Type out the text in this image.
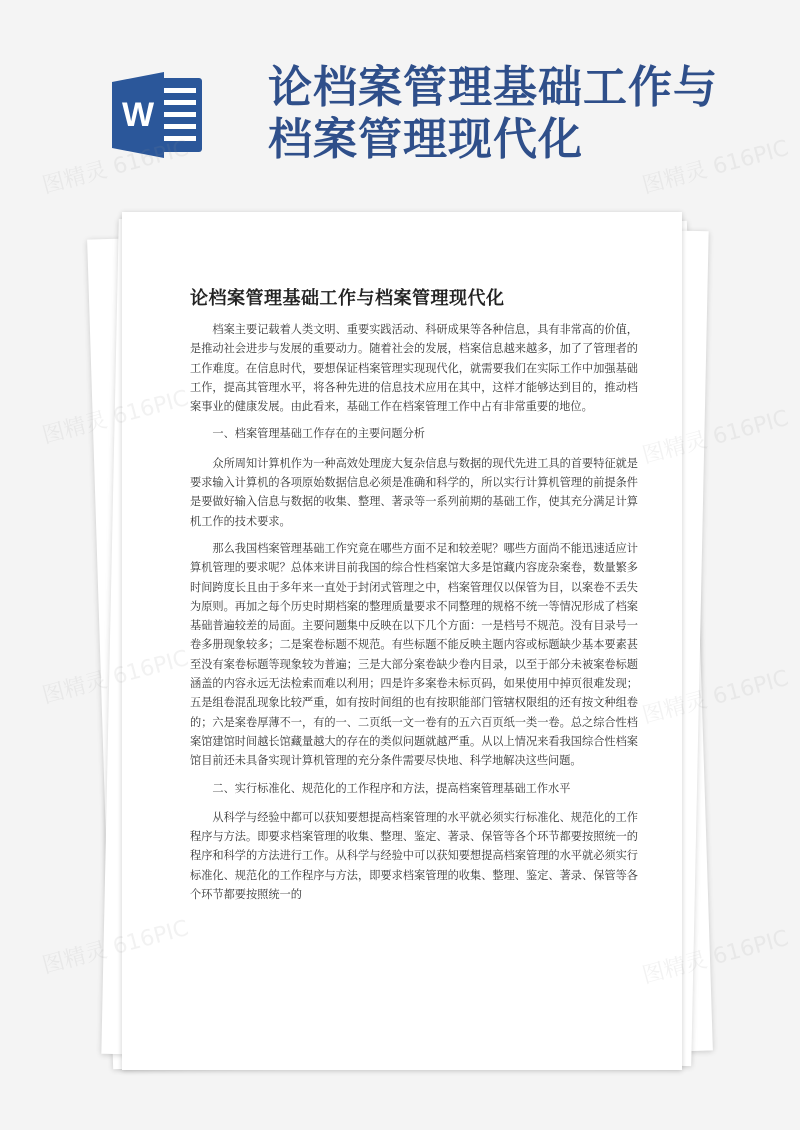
W
论档案管理基础工作与
档案管理现代化
论档案管理基础工作与档案管理现代化

档案主要记载着人类文明、重要实践活动、科研成果等各种信息，具有非常高的价值，是推动社会进步与发展的重要动力。随着社会的发展，档案信息越来越多，加了了管理者的工作难度。在信息时代，要想保证档案管理实现现代化，就需要我们在实际工作中加强基础工作，提高其管理水平，将各种先进的信息技术应用在其中，这样才能够达到目的，推动档案事业的健康发展。由此看来，基础工作在档案管理工作中占有非常重要的地位。

一、档案管理基础工作存在的主要问题分析

众所周知计算机作为一种高效处理庞大复杂信息与数据的现代先进工具的首要特征就是要求输入计算机的各项原始数据信息必须是准确和科学的，所以实行计算机管理的前提条件是要做好输入信息与数据的收集、整理、著录等一系列前期的基础工作，使其充分满足计算机工作的技术要求。

那么我国档案管理基础工作究竟在哪些方面不足和较差呢？哪些方面尚不能迅速适应计算机管理的要求呢？总体来讲目前我国的综合性档案馆大多是馆藏内容庞杂案卷，数量繁多时间跨度长且由于多年来一直处于封闭式管理之中，档案管理仅以保管为目，以案卷不丢失为原则。再加之每个历史时期档案的整理质量要求不同整理的规格不统一等情况形成了档案基础普遍较差的局面。主要问题集中反映在以下几个方面：一是档号不规范。没有目录号一卷多册现象较多；二是案卷标题不规范。有些标题不能反映主题内容或标题缺少基本要素甚至没有案卷标题等现象较为普遍；三是大部分案卷缺少卷内目录，以至于部分未被案卷标题涵盖的内容永远无法检索而难以利用；四是许多案卷未标页码，如果使用中掉页很难发现；五是组卷混乱现象比较严重，如有按时间组的也有按职能部门管辖权限组的还有按文种组卷的；六是案卷厚薄不一，有的一、二页纸一文一卷有的五六百页纸一类一卷。总之综合性档案馆建馆时间越长馆藏量越大的存在的类似问题就越严重。从以上情况来看我国综合性档案馆目前还未具备实现计算机管理的充分条件需要尽快地、科学地解决这些问题。

二、实行标准化、规范化的工作程序和方法，提高档案管理基础工作水平

从科学与经验中都可以获知要想提高档案管理的水平就必须实行标准化、规范化的工作程序与方法。即要求档案管理的收集、整理、鉴定、著录、保管等各个环节都要按照统一的程序和科学的方法进行工作。从科学与经验中可以获知要想提高档案管理的水平就必须实行标准化、规范化的工作程序与方法，即要求档案管理的收集、整理、鉴定、著录、保管等各个环节都要按照统一的

图精灵 616PIC	图精灵 616PIC
图精灵	图精灵 616PIC
图精灵	图精灵 616PIC
图精灵	图精灵 616PIC
